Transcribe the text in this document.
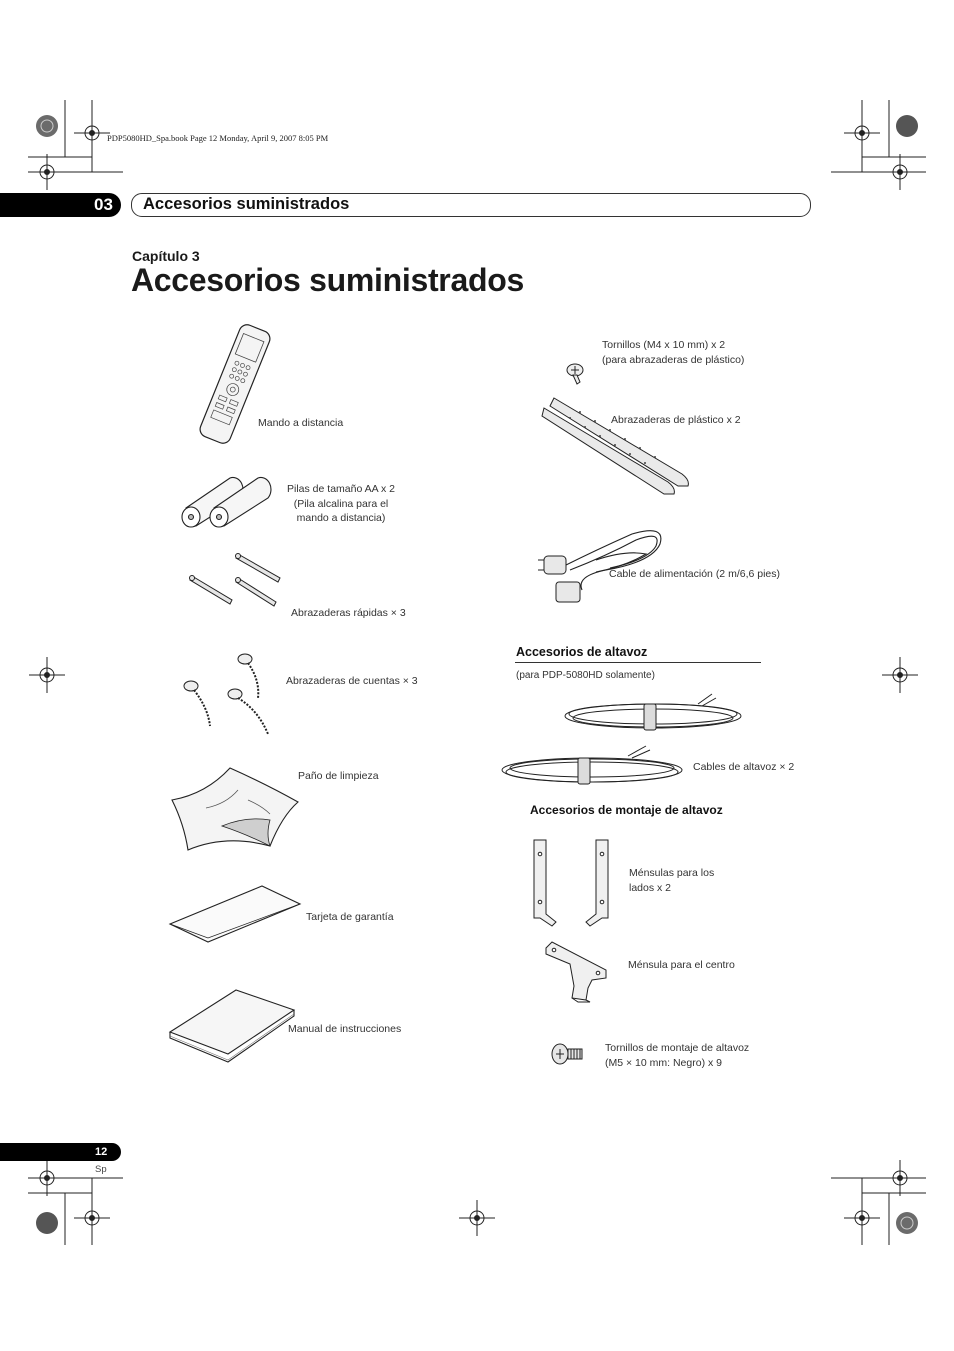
PDP5080HD_Spa.book Page 12 Monday, April 9, 2007 8:05 PM
03 Accesorios suministrados
Capítulo 3
Accesorios suministrados
Mando a distancia
Pilas de tamaño AA x 2
(Pila alcalina para el
mando a distancia)
Abrazaderas rápidas × 3
Abrazaderas de cuentas × 3
Paño de limpieza
Tarjeta de garantía
Manual de instrucciones
Tornillos (M4 x 10 mm) x 2
(para abrazaderas de plástico)
Abrazaderas de plástico x 2
Cable de alimentación (2 m/6,6 pies)
Accesorios de altavoz
(para PDP-5080HD solamente)
Cables de altavoz × 2
Accesorios de montaje de altavoz
Ménsulas para los
lados x 2
Ménsula para el centro
Tornillos de montaje de altavoz
(M5 × 10 mm: Negro) x 9
12
Sp
